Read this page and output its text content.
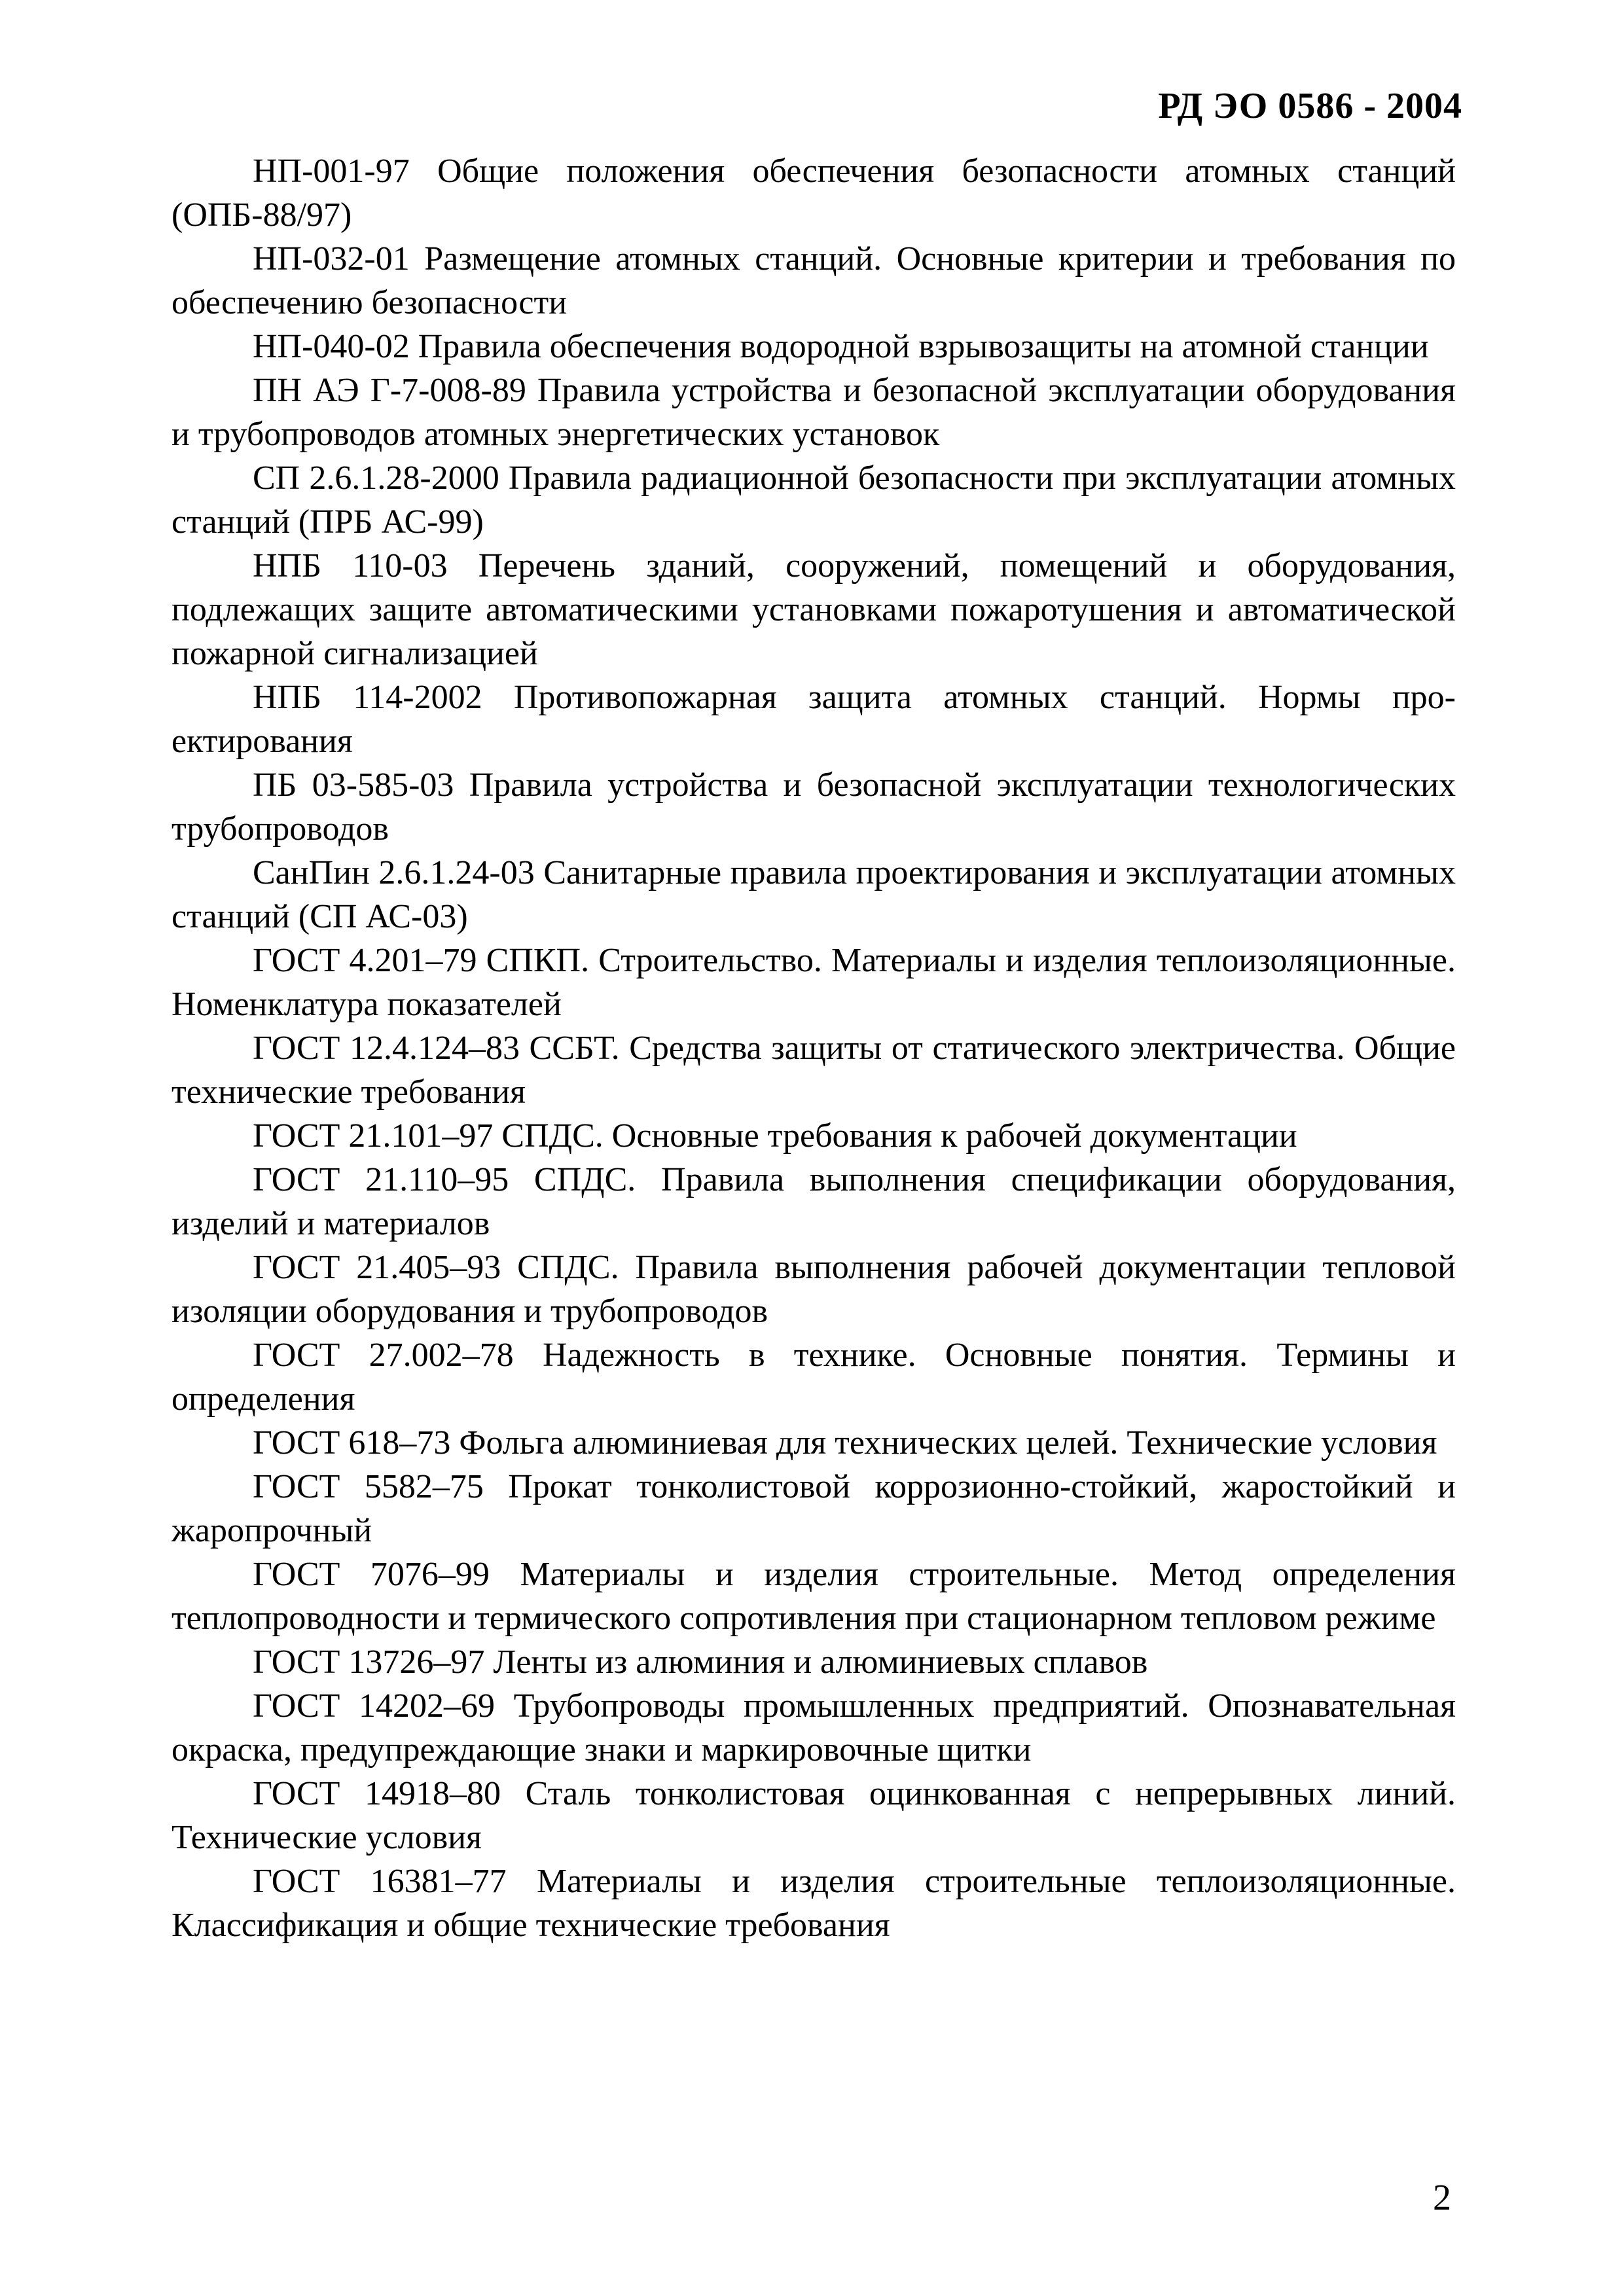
РД ЭО 0586 - 2004

НП-001-97 Общие положения обеспечения безопасности атомных станций (ОПБ-88/97)

НП-032-01 Размещение атомных станций. Основные критерии и требования по обеспечению безопасности

НП-040-02 Правила обеспечения водородной взрывозащиты на атомной станции

ПН АЭ Г-7-008-89 Правила устройства и безопасной эксплуатации оборудования и трубопроводов атомных энергетических установок

СП 2.6.1.28-2000 Правила радиационной безопасности при эксплуатации атомных станций (ПРБ АС-99)

НПБ 110-03 Перечень зданий, сооружений, помещений и оборудования, подлежащих защите автоматическими установками пожаротушения и автоматической пожарной сигнализацией

НПБ 114-2002 Противопожарная защита атомных станций. Нормы проектирования

ПБ 03-585-03 Правила устройства и безопасной эксплуатации технологических трубопроводов

СанПин 2.6.1.24-03 Санитарные правила проектирования и эксплуатации атомных станций (СП АС-03)

ГОСТ 4.201–79 СПКП. Строительство. Материалы и изделия теплоизоляционные. Номенклатура показателей

ГОСТ 12.4.124–83 ССБТ. Средства защиты от статического электричества. Общие технические требования

ГОСТ 21.101–97 СПДС. Основные требования к рабочей документации

ГОСТ 21.110–95 СПДС. Правила выполнения спецификации оборудования, изделий и материалов

ГОСТ 21.405–93 СПДС. Правила выполнения рабочей документации тепловой изоляции оборудования и трубопроводов

ГОСТ 27.002–78 Надежность в технике. Основные понятия. Термины и определения

ГОСТ 618–73 Фольга алюминиевая для технических целей. Технические условия

ГОСТ 5582–75 Прокат тонколистовой коррозионно-стойкий, жаростойкий и жаропрочный

ГОСТ 7076–99 Материалы и изделия строительные. Метод определения теплопроводности и термического сопротивления при стационарном тепловом режиме

ГОСТ 13726–97 Ленты из алюминия и алюминиевых сплавов

ГОСТ 14202–69 Трубопроводы промышленных предприятий. Опознавательная окраска, предупреждающие знаки и маркировочные щитки

ГОСТ 14918–80 Сталь тонколистовая оцинкованная с непрерывных линий. Технические условия

ГОСТ 16381–77 Материалы и изделия строительные теплоизоляционные. Классификация и общие технические требования

2
